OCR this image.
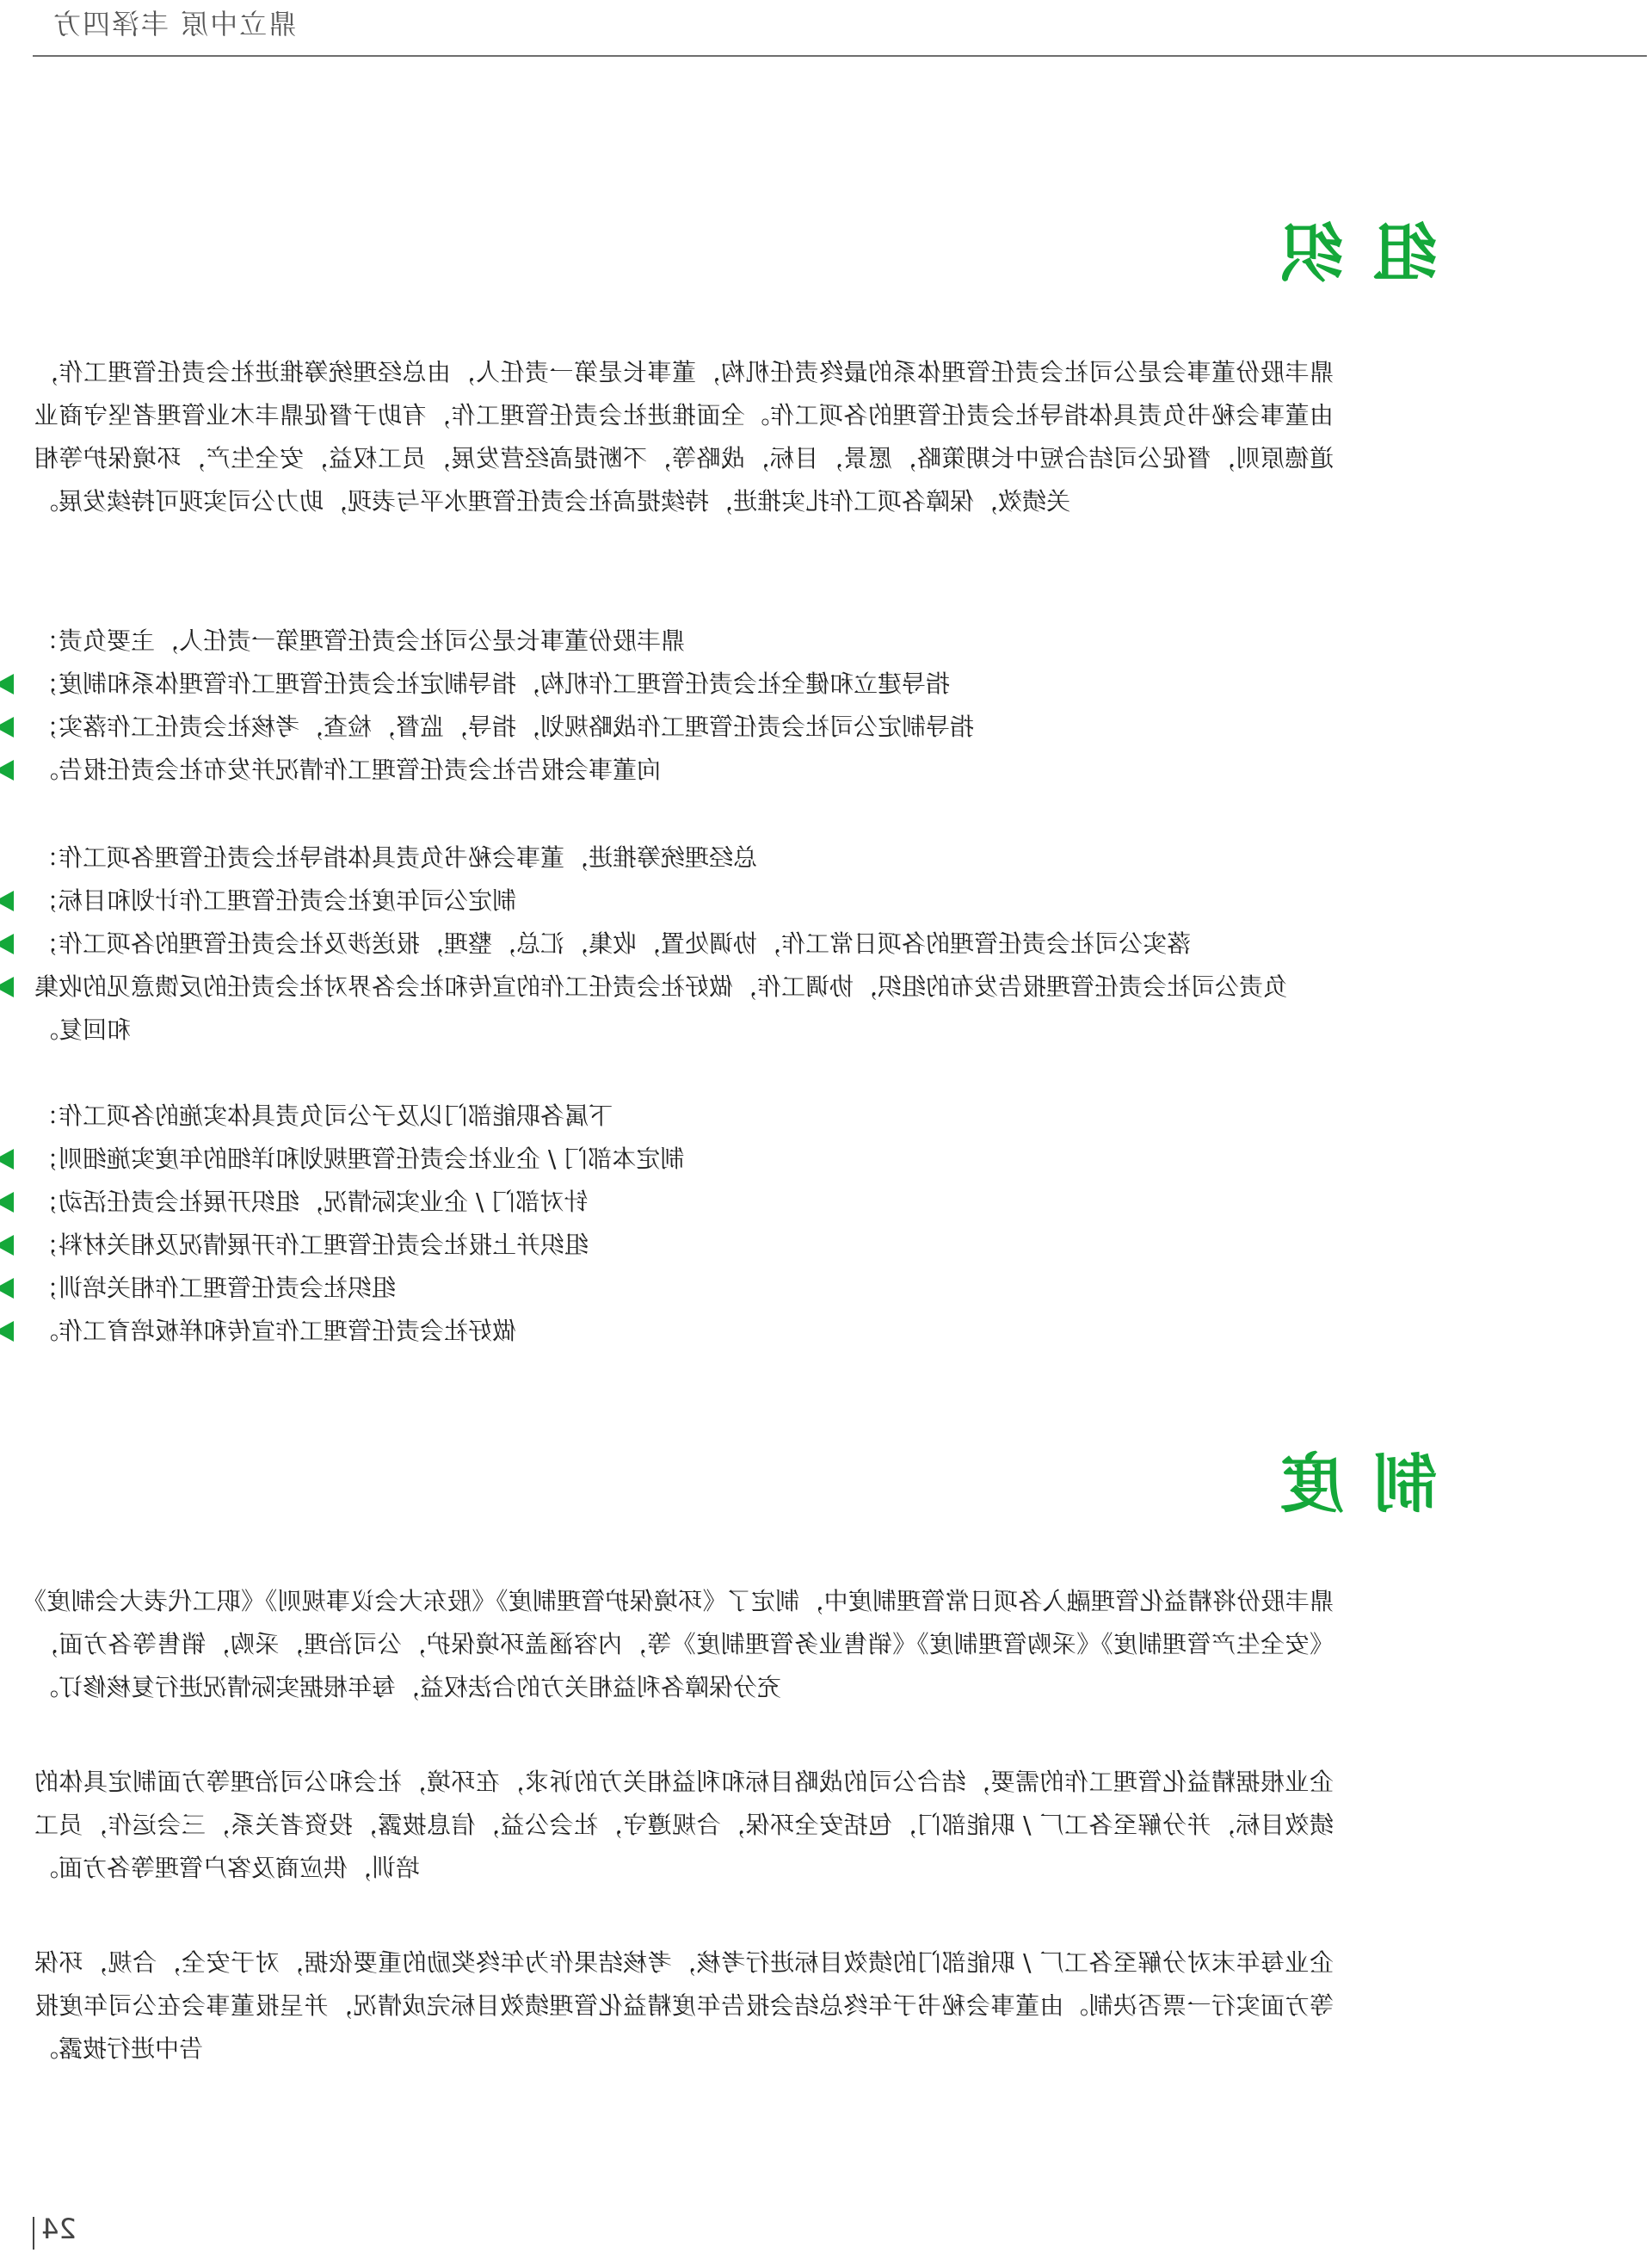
鼎立中原 丰泽四方
组织
鼎丰股份董事会是公司社会责任管理体系的最终责任机构，董事长是第一责任人，由总经理统筹推进社会责任管理工作，由董事会秘书负责具体指导社会责任管理的各项工作。全面推进社会责任管理工作，有助于督促鼎丰木业管理者坚守商业道德原则，督促公司结合短中长期策略，愿景，目标，战略等，不断提高经营发展，员工权益，安全生产，环境保护等相关绩效，保障各项工作扎实推进，持续提高社会责任管理水平与表现，助力公司实现可持续发展。
鼎丰股份董事长是公司社会责任管理第一责任人，主要负责：
指导建立和健全社会责任管理工作机构，指导制定社会责任管理工作管理体系和制度；
指导制定公司社会责任管理工作战略规划，指导，监督，检查，考核社会责任工作落实；
向董事会报告社会责任管理工作情况并发布社会责任报告。
总经理统筹推进，董事会秘书负责具体指导社会责任管理各项工作：
制定公司年度社会责任管理工作计划和目标；
落实公司社会责任管理的各项日常工作，协调处置，收集，汇总，整理，报送涉及社会责任管理的各项工作；
负责公司社会责任管理报告发布的组织，协调工作，做好社会责任工作的宣传和社会各界对社会责任的反馈意见的收集和回复。
下属各职能部门以及子公司负责具体实施的各项工作：
制定本部门 / 企业社会责任管理规划和详细的年度实施细则；
针对部门 / 企业实际情况，组织开展社会责任活动；
组织并上报社会责任管理工作开展情况及相关材料；
组织社会责任管理工作相关培训；
做好社会责任管理工作宣传和样板培育工作。
制度
鼎丰股份将精益化管理融入各项日常管理制度中，制定了《环境保护管理制度》《股东大会议事规则》《职工代表大会制度》《安全生产管理制度》《采购管理制度》《销售业务管理制度》等，内容涵盖环境保护，公司治理，采购，销售等各方面，充分保障各利益相关方的合法权益，每年根据实际情况进行复核修订。
企业根据精益化管理工作的需要，结合公司的战略目标和利益相关方的诉求，在环境，社会和公司治理等方面制定具体的绩效目标，并分解至各工厂 / 职能部门，包括安全环保，合规遵守，社会公益，信息披露，投资者关系，三会运作，员工培训，供应商及客户管理等各方面。
企业每年末对分解至各工厂 / 职能部门的绩效目标进行考核，考核结果作为年终奖励的重要依据，对于安全，合规，环保等方面实行一票否决制。由董事会秘书于年终总结会报告年度精益化管理绩效目标完成情况，并呈报董事会在公司年度报告中进行披露。
24
